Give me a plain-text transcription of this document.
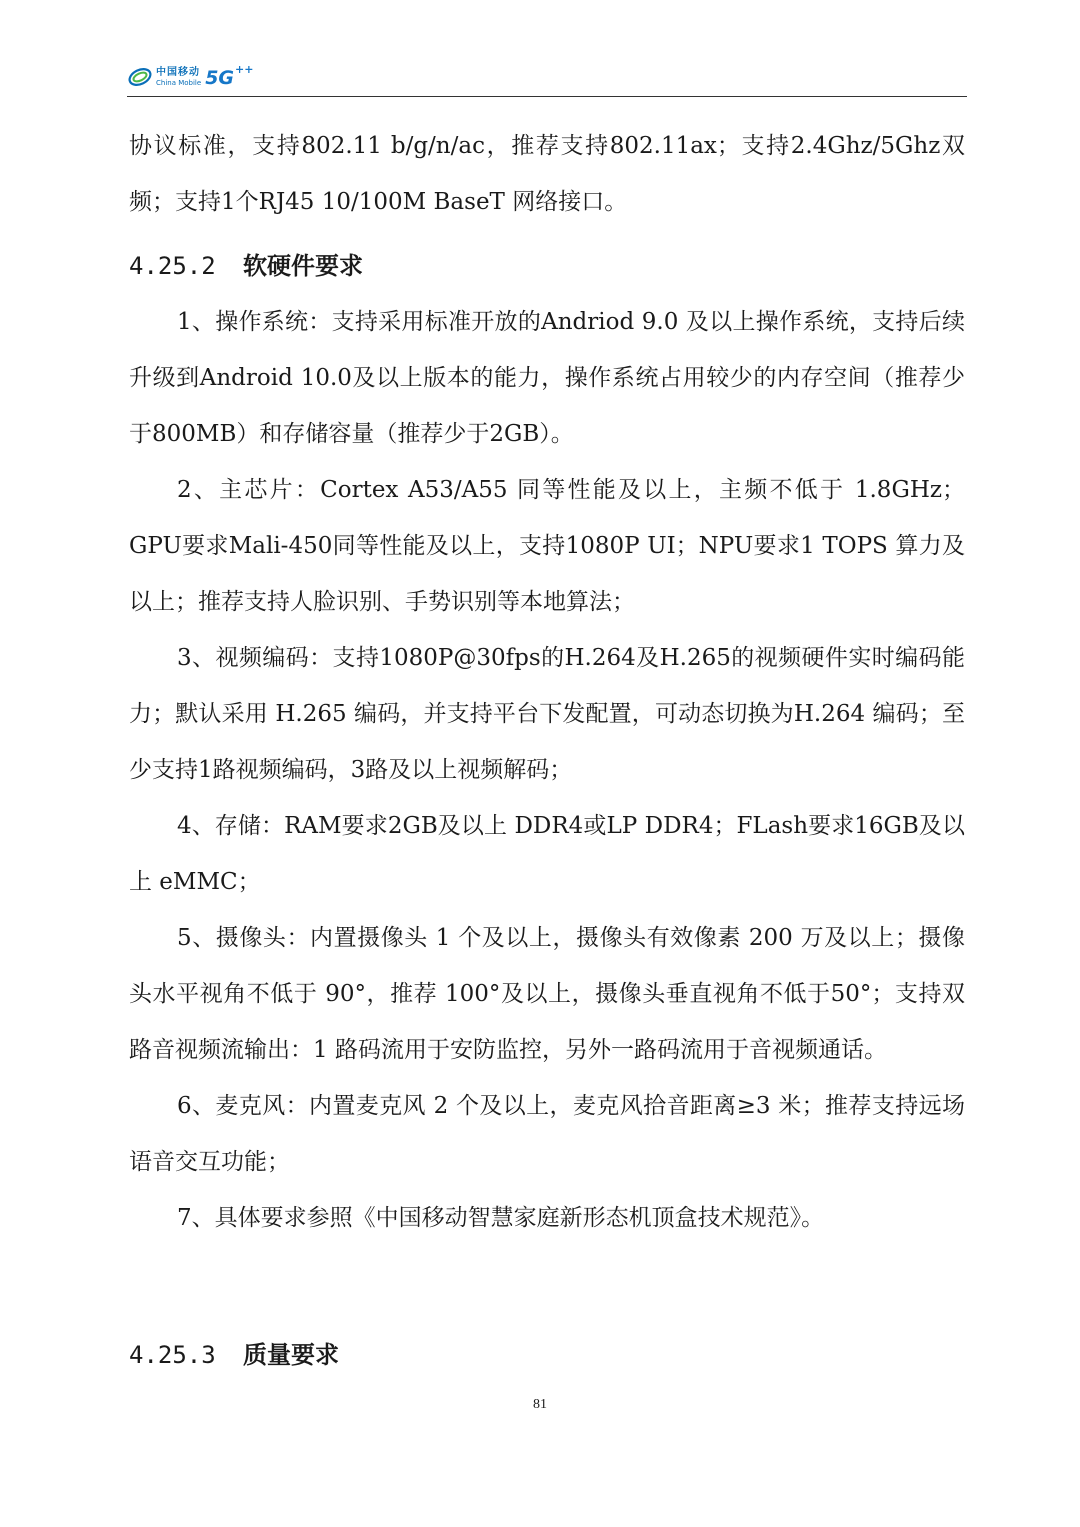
中国移动
China Mobile 5G ++

协议标准，支持802.11 b/g/n/ac，推荐支持802.11ax；支持2.4Ghz/5Ghz双频；支持1个RJ45 10/100M BaseT 网络接口。

4.25.2 软硬件要求

1、操作系统：支持采用标准开放的Andriod 9.0 及以上操作系统，支持后续升级到Android 10.0及以上版本的能力，操作系统占用较少的内存空间（推荐少于800MB）和存储容量（推荐少于2GB）。

2、主芯片：Cortex A53/A55 同等性能及以上，主频不低于 1.8GHz；GPU要求Mali-450同等性能及以上，支持1080P UI；NPU要求1 TOPS 算力及以上；推荐支持人脸识别、手势识别等本地算法；

3、视频编码：支持1080P@30fps的H.264及H.265的视频硬件实时编码能力；默认采用 H.265 编码，并支持平台下发配置，可动态切换为H.264 编码；至少支持1路视频编码，3路及以上视频解码；

4、存储：RAM要求2GB及以上 DDR4或LP DDR4；FLash要求16GB及以上 eMMC；

5、摄像头：内置摄像头 1 个及以上，摄像头有效像素 200 万及以上；摄像头水平视角不低于 90°，推荐 100°及以上，摄像头垂直视角不低于50°；支持双路音视频流输出：1 路码流用于安防监控，另外一路码流用于音视频通话。

6、麦克风：内置麦克风 2 个及以上，麦克风拾音距离≥3 米；推荐支持远场语音交互功能；

7、具体要求参照《中国移动智慧家庭新形态机顶盒技术规范》。

4.25.3 质量要求

81
